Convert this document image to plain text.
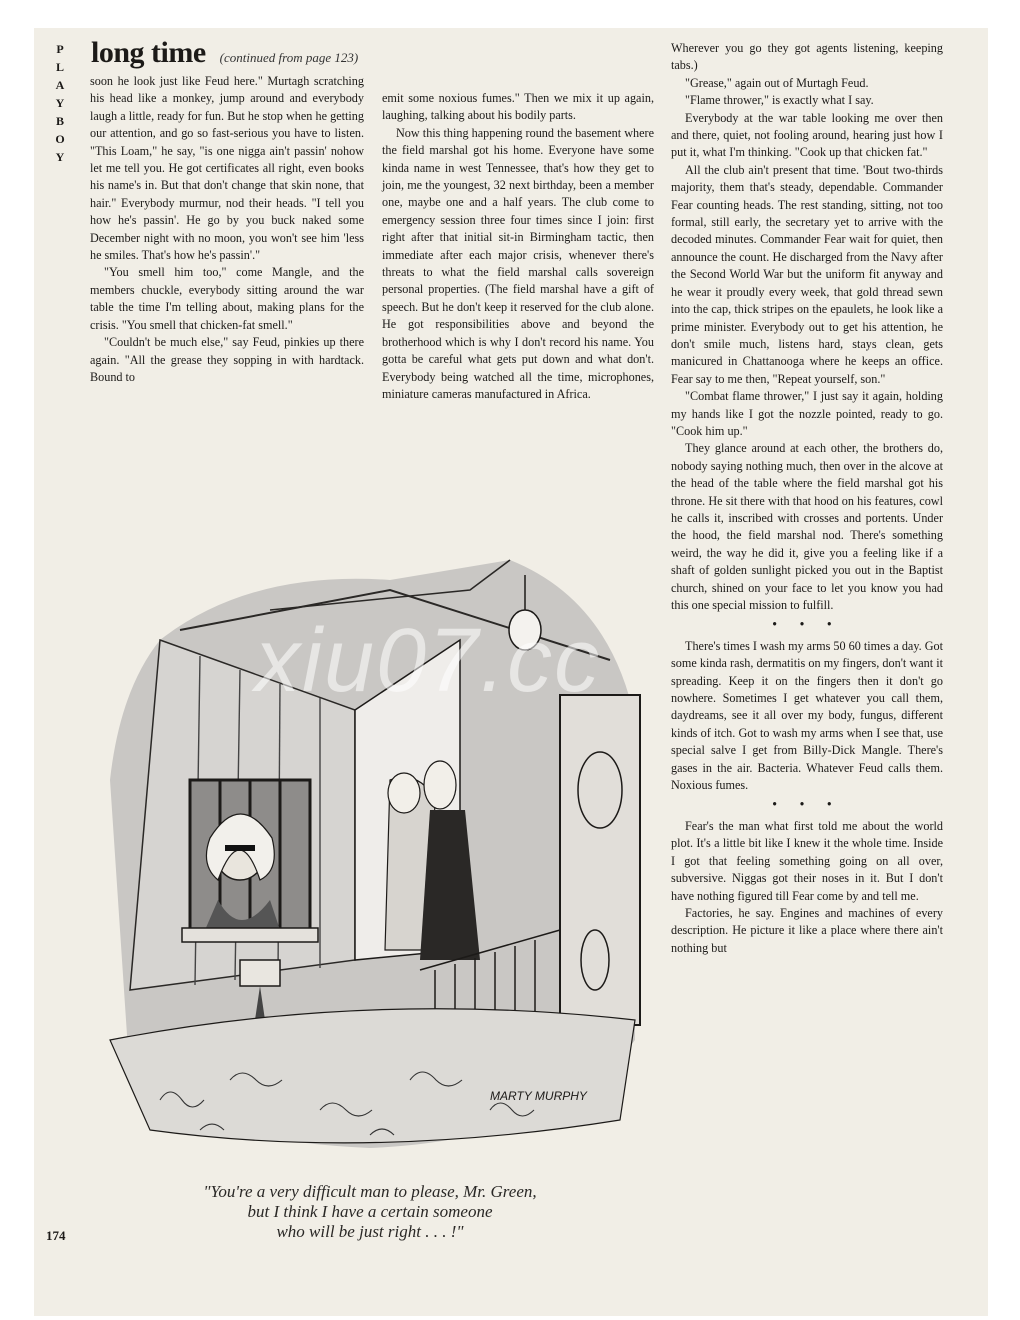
P
L
A
Y
B
O
Y
long time (continued from page 123)

soon he look just like Feud here." Murtagh scratching his head like a monkey, jump around and everybody laugh a little, ready for fun. But he stop when he getting our attention, and go so fast-serious you have to listen. "This Loam," he say, "is one nigga ain't passin' nohow let me tell you. He got certificates all right, even books his name's in. But that don't change that skin none, that hair." Everybody murmur, nod their heads. "I tell you how he's passin'. He go by you buck naked some December night with no moon, you won't see him 'less he smiles. That's how he's passin'."

"You smell him too," come Mangle, and the members chuckle, everybody sitting around the war table the time I'm telling about, making plans for the crisis. "You smell that chicken-fat smell."

"Couldn't be much else," say Feud, pinkies up there again. "All the grease they sopping in with hardtack. Bound to

emit some noxious fumes." Then we mix it up again, laughing, talking about his bodily parts.

Now this thing happening round the basement where the field marshal got his home. Everyone have some kinda name in west Tennessee, that's how they get to join, me the youngest, 32 next birthday, been a member one, maybe one and a half years. The club come to emergency session three four times since I join: first right after that initial sit-in Birmingham tactic, then immediate after each major crisis, whenever there's threats to what the field marshal calls sovereign personal properties. (The field marshal have a gift of speech. But he don't keep it reserved for the club alone. He got responsibilities above and beyond the brotherhood which is why I don't record his name. You gotta be careful what gets put down and what don't. Everybody being watched all the time, microphones, miniature cameras manufactured in Africa.

Wherever you go they got agents listening, keeping tabs.)

"Grease," again out of Murtagh Feud.

"Flame thrower," is exactly what I say.

Everybody at the war table looking me over then and there, quiet, not fooling around, hearing just how I put it, what I'm thinking. "Cook up that chicken fat."

All the club ain't present that time. 'Bout two-thirds majority, them that's steady, dependable. Commander Fear counting heads. The rest standing, sitting, not too formal, still early, the secretary yet to arrive with the decoded minutes. Commander Fear wait for quiet, then announce the count. He discharged from the Navy after the Second World War but the uniform fit anyway and he wear it proudly every week, that gold thread sewn into the cap, thick stripes on the epaulets, he look like a prime minister. Everybody out to get his attention, he don't smile much, listens hard, stays clean, gets manicured in Chattanooga where he keeps an office. Fear say to me then, "Repeat yourself, son."

"Combat flame thrower," I just say it again, holding my hands like I got the nozzle pointed, ready to go. "Cook him up."

They glance around at each other, the brothers do, nobody saying nothing much, then over in the alcove at the head of the table where the field marshal got his throne. He sit there with that hood on his features, cowl he calls it, inscribed with crosses and portents. Under the hood, the field marshal nod. There's something weird, the way he did it, give you a feeling like if a shaft of golden sunlight picked you out in the Baptist church, shined on your face to let you know you had this one special mission to fulfill.

• • •

There's times I wash my arms 50 60 times a day. Got some kinda rash, dermatitis on my fingers, don't want it spreading. Keep it on the fingers then it don't go nowhere. Sometimes I get whatever you call them, daydreams, see it all over my body, fungus, different kinds of itch. Got to wash my arms when I see that, use special salve I get from Billy-Dick Mangle. There's gases in the air. Bacteria. Whatever Feud calls them. Noxious fumes.

• • •

Fear's the man what first told me about the world plot. It's a little bit like I knew it the whole time. Inside I got that feeling something going on all over, subversive. Niggas got their noses in it. But I don't have nothing figured till Fear come by and tell me.

Factories, he say. Engines and machines of every description. He picture it like a place where there ain't nothing but

MARTY MURPHY
xiu07.cc
"You're a very difficult man to please, Mr. Green,
but I think I have a certain someone
who will be just right . . . !"
174
